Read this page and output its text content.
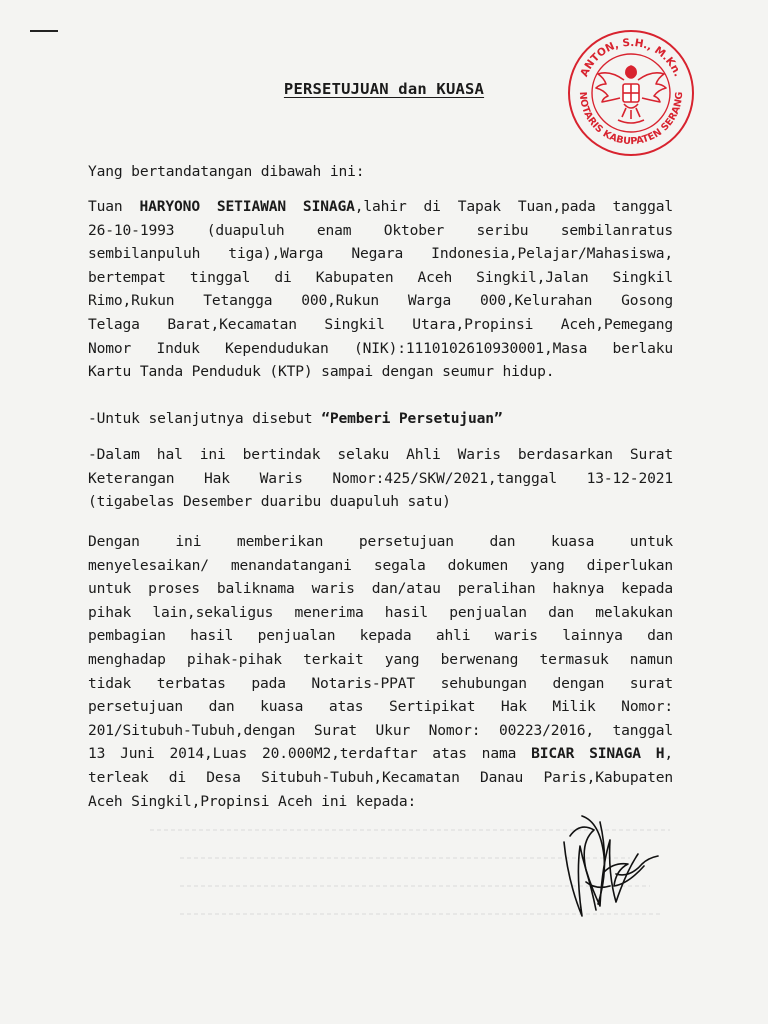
ANTON, S.H., M.Kn.
NOTARIS KABUPATEN SERANG
PERSETUJUAN dan KUASA
Yang bertandatangan dibawah ini:
Tuan HARYONO SETIAWAN SINAGA,lahir di Tapak Tuan,pada tanggal
26-10-1993 (duapuluh enam Oktober seribu sembilanratus
sembilanpuluh tiga),Warga Negara Indonesia,Pelajar/Mahasiswa,
bertempat tinggal di Kabupaten Aceh Singkil,Jalan Singkil
Rimo,Rukun Tetangga 000,Rukun Warga 000,Kelurahan Gosong
Telaga Barat,Kecamatan Singkil Utara,Propinsi Aceh,Pemegang
Nomor Induk Kependudukan (NIK):1110102610930001,Masa berlaku
Kartu Tanda Penduduk (KTP) sampai dengan seumur hidup.
-Untuk selanjutnya disebut “Pemberi Persetujuan”
-Dalam hal ini bertindak selaku Ahli Waris berdasarkan Surat
Keterangan Hak Waris Nomor:425/SKW/2021,tanggal 13-12-2021
(tigabelas Desember duaribu duapuluh satu)
Dengan ini memberikan persetujuan dan kuasa untuk
menyelesaikan/ menandatangani segala dokumen yang diperlukan
untuk proses baliknama waris dan/atau peralihan haknya kepada
pihak lain,sekaligus menerima hasil penjualan dan melakukan
pembagian hasil penjualan kepada ahli waris lainnya dan
menghadap pihak-pihak terkait yang berwenang termasuk namun
tidak terbatas pada Notaris-PPAT sehubungan dengan surat
persetujuan dan kuasa atas Sertipikat Hak Milik Nomor:
201/Situbuh-Tubuh,dengan Surat Ukur Nomor: 00223/2016, tanggal
13 Juni 2014,Luas 20.000M2,terdaftar atas nama BICAR SINAGA H,
terleak di Desa Situbuh-Tubuh,Kecamatan Danau Paris,Kabupaten
Aceh Singkil,Propinsi Aceh ini kepada:
